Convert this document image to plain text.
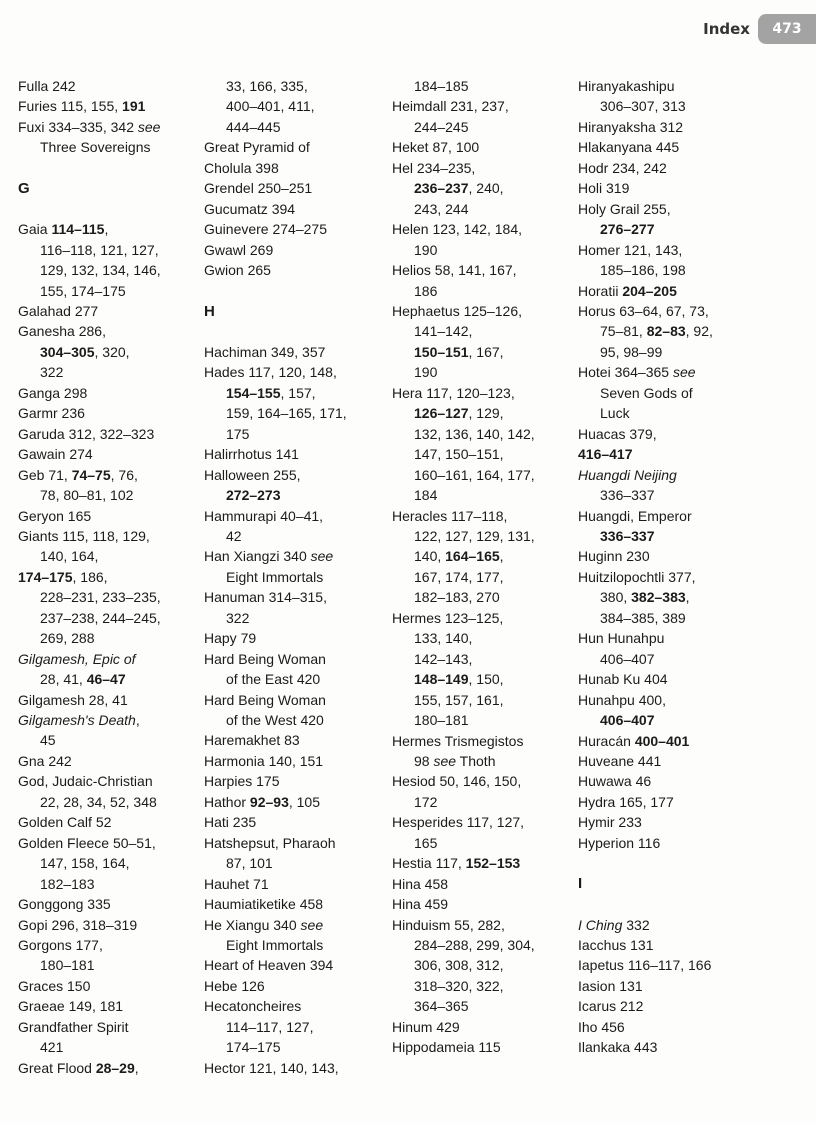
Index	473
Fulla 242
Furies 115, 155, 191
Fuxi 334–335, 342 see
Three Sovereigns
G
Gaia 114–115,
116–118, 121, 127,
129, 132, 134, 146,
155, 174–175
Galahad 277
Ganesha 286,
304–305, 320,
322
Ganga 298
Garmr 236
Garuda 312, 322–323
Gawain 274
Geb 71, 74–75, 76,
78, 80–81, 102
Geryon 165
Giants 115, 118, 129,
140, 164,
174–175, 186,
228–231, 233–235,
237–238, 244–245,
269, 288
Gilgamesh, Epic of
28, 41, 46–47
Gilgamesh 28, 41
Gilgamesh's Death,
45
Gna 242
God, Judaic-Christian
22, 28, 34, 52, 348
Golden Calf 52
Golden Fleece 50–51,
147, 158, 164,
182–183
Gonggong 335
Gopi 296, 318–319
Gorgons 177,
180–181
Graces 150
Graeae 149, 181
Grandfather Spirit
421
Great Flood 28–29,
33, 166, 335,
400–401, 411,
444–445
Great Pyramid of
Cholula 398
Grendel 250–251
Gucumatz 394
Guinevere 274–275
Gwawl 269
Gwion 265
H
Hachiman 349, 357
Hades 117, 120, 148,
154–155, 157,
159, 164–165, 171,
175
Halirrhotus 141
Halloween 255,
272–273
Hammurapi 40–41,
42
Han Xiangzi 340 see
Eight Immortals
Hanuman 314–315,
322
Hapy 79
Hard Being Woman
of the East 420
Hard Being Woman
of the West 420
Haremakhet 83
Harmonia 140, 151
Harpies 175
Hathor 92–93, 105
Hati 235
Hatshepsut, Pharaoh
87, 101
Hauhet 71
Haumiatiketike 458
He Xiangu 340 see
Eight Immortals
Heart of Heaven 394
Hebe 126
Hecatoncheires
114–117, 127,
174–175
Hector 121, 140, 143,
184–185
Heimdall 231, 237,
244–245
Heket 87, 100
Hel 234–235,
236–237, 240,
243, 244
Helen 123, 142, 184,
190
Helios 58, 141, 167,
186
Hephaetus 125–126,
141–142,
150–151, 167,
190
Hera 117, 120–123,
126–127, 129,
132, 136, 140, 142,
147, 150–151,
160–161, 164, 177,
184
Heracles 117–118,
122, 127, 129, 131,
140, 164–165,
167, 174, 177,
182–183, 270
Hermes 123–125,
133, 140,
142–143,
148–149, 150,
155, 157, 161,
180–181
Hermes Trismegistos
98 see Thoth
Hesiod 50, 146, 150,
172
Hesperides 117, 127,
165
Hestia 117, 152–153
Hina 458
Hina 459
Hinduism 55, 282,
284–288, 299, 304,
306, 308, 312,
318–320, 322,
364–365
Hinum 429
Hippodameia 115
Hiranyakashipu
306–307, 313
Hiranyaksha 312
Hlakanyana 445
Hodr 234, 242
Holi 319
Holy Grail 255,
276–277
Homer 121, 143,
185–186, 198
Horatii 204–205
Horus 63–64, 67, 73,
75–81, 82–83, 92,
95, 98–99
Hotei 364–365 see
Seven Gods of
Luck
Huacas 379,
416–417
Huangdi Neijing
336–337
Huangdi, Emperor
336–337
Huginn 230
Huitzilopochtli 377,
380, 382–383,
384–385, 389
Hun Hunahpu
406–407
Hunab Ku 404
Hunahpu 400,
406–407
Huracán 400–401
Huveane 441
Huwawa 46
Hydra 165, 177
Hymir 233
Hyperion 116
I
I Ching 332
Iacchus 131
Iapetus 116–117, 166
Iasion 131
Icarus 212
Iho 456
Ilankaka 443
